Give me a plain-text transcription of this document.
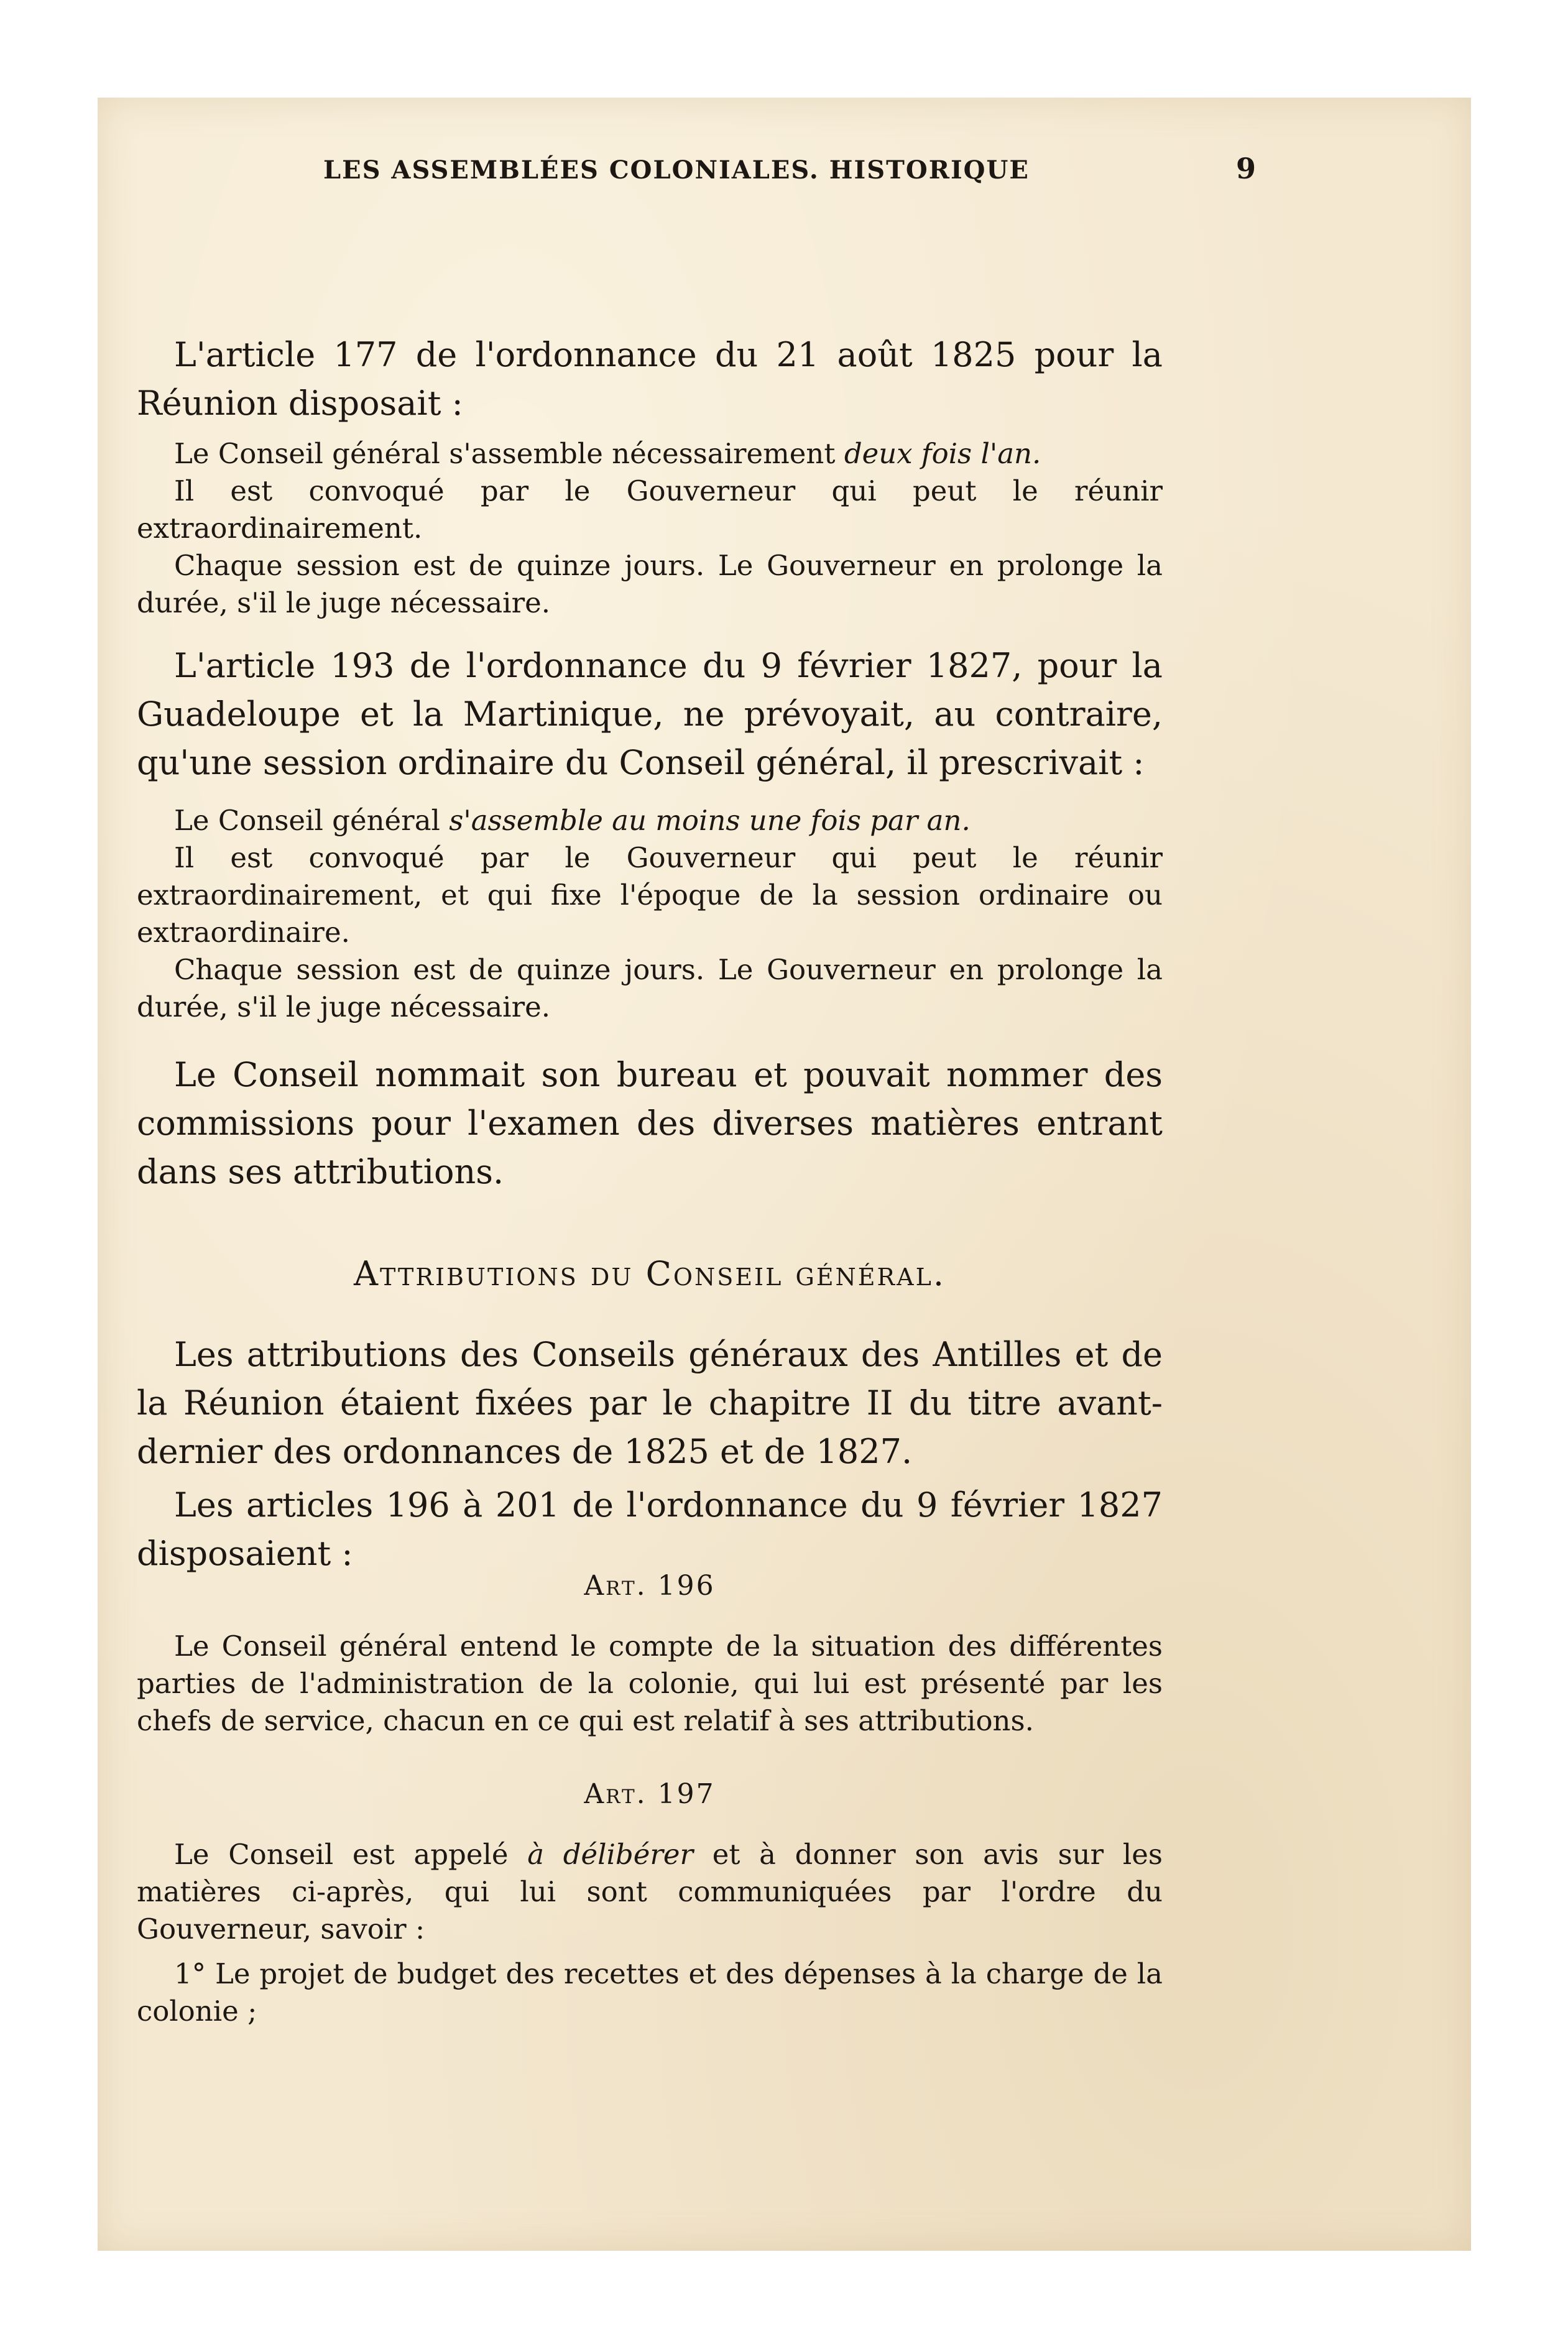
LES ASSEMBLÉES COLONIALES. HISTORIQUE	9

L'article 177 de l'ordonnance du 21 août 1825 pour la Réunion disposait :

Le Conseil général s'assemble nécessairement deux fois l'an.

Il est convoqué par le Gouverneur qui peut le réunir extraordinairement.

Chaque session est de quinze jours. Le Gouverneur en prolonge la durée, s'il le juge nécessaire.

L'article 193 de l'ordonnance du 9 février 1827, pour la Guadeloupe et la Martinique, ne prévoyait, au contraire, qu'une session ordinaire du Conseil général, il prescrivait :

Le Conseil général s'assemble au moins une fois par an.

Il est convoqué par le Gouverneur qui peut le réunir extraordinairement, et qui fixe l'époque de la session ordinaire ou extraordinaire.

Chaque session est de quinze jours. Le Gouverneur en prolonge la durée, s'il le juge nécessaire.

Le Conseil nommait son bureau et pouvait nommer des commissions pour l'examen des diverses matières entrant dans ses attributions.

Attributions du Conseil général.

Les attributions des Conseils généraux des Antilles et de la Réunion étaient fixées par le chapitre II du titre avant-dernier des ordonnances de 1825 et de 1827.

Les articles 196 à 201 de l'ordonnance du 9 février 1827 disposaient :

Art. 196

Le Conseil général entend le compte de la situation des différentes parties de l'administration de la colonie, qui lui est présenté par les chefs de service, chacun en ce qui est relatif à ses attributions.

Art. 197

Le Conseil est appelé à délibérer et à donner son avis sur les matières ci-après, qui lui sont communiquées par l'ordre du Gouverneur, savoir :

1° Le projet de budget des recettes et des dépenses à la charge de la colonie ;
